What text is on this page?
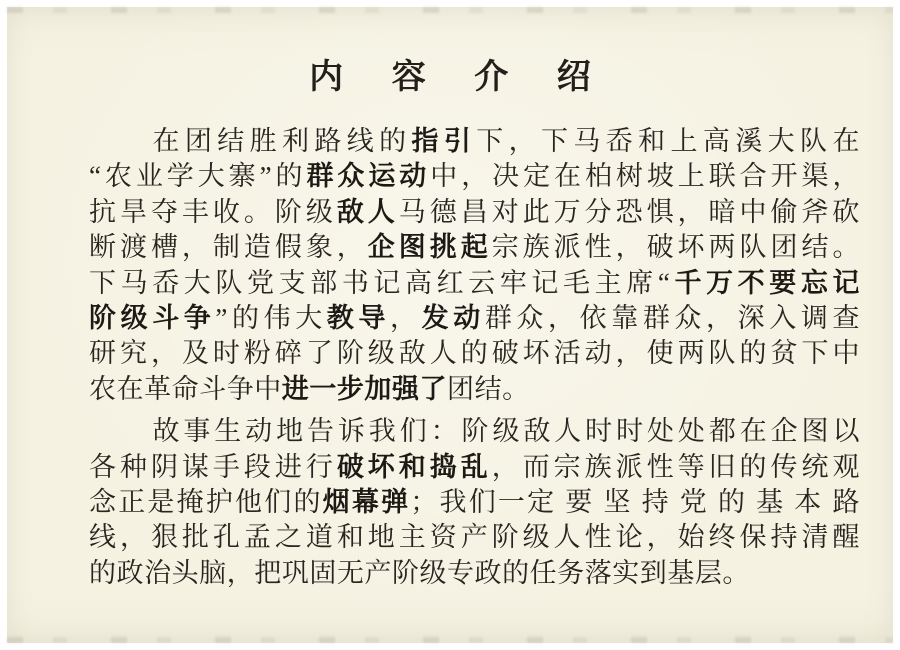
内 容 介 绍
在团结胜利路线的指引下，下马岙和上高溪大队在
“农业学大寨”的群众运动中，决定在柏树坡上联合开渠，
抗旱夺丰收。阶级敌人马德昌对此万分恐惧，暗中偷斧砍
断渡槽，制造假象，企图挑起宗族派性，破坏两队团结。
下马岙大队党支部书记高红云牢记毛主席“千万不要忘记
阶级斗争”的伟大教导，发动群众，依靠群众，深入调查
研究，及时粉碎了阶级敌人的破坏活动，使两队的贫下中
农在革命斗争中进一步加强了团结。
故事生动地告诉我们：阶级敌人时时处处都在企图以
各种阴谋手段进行破坏和捣乱，而宗族派性等旧的传统观
念正是掩护他们的烟幕弹；我们一定 要 坚 持 党 的 基 本 路
线，狠批孔孟之道和地主资产阶级人性论，始终保持清醒
的政治头脑，把巩固无产阶级专政的任务落实到基层。
